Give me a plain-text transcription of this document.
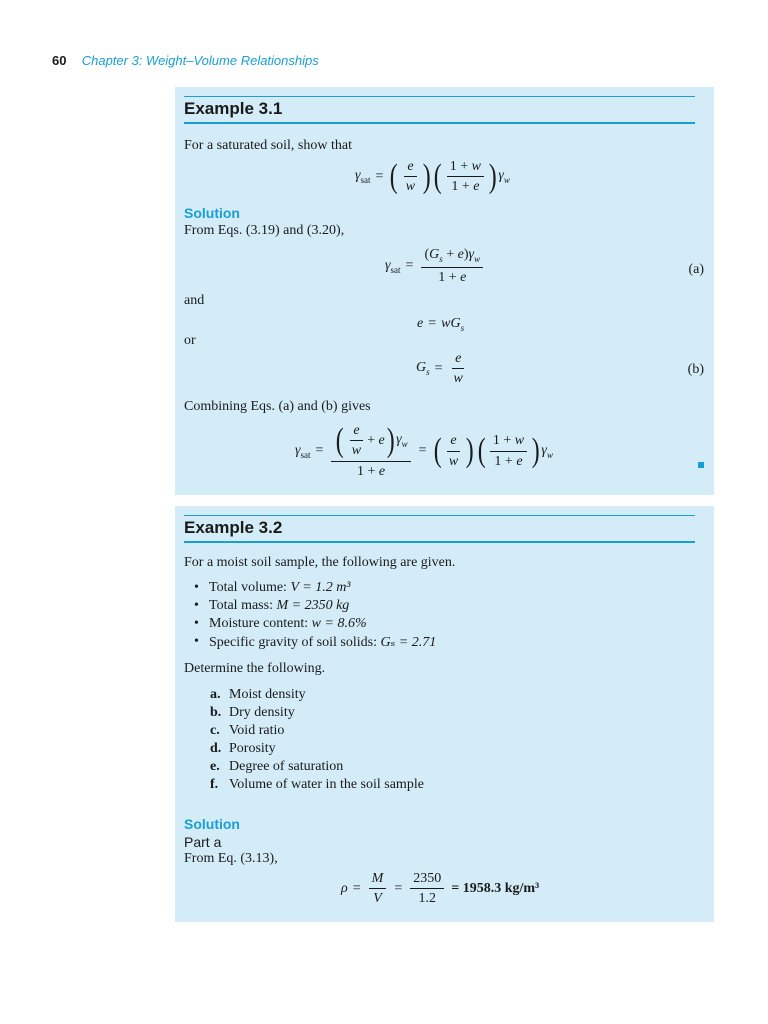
60 Chapter 3: Weight–Volume Relationships
Example 3.1
For a saturated soil, show that
$\gamma_{sat}$ = ( $\frac{e}{w}$ ) ( $\frac{1 + w}{1 + e}$ ) $\gamma_w$
Solution
From Eqs. (3.19) and (3.20),
$\gamma_{sat} = \frac{(G_s + e)\gamma_w}{1 + e}$	(a)
and
$e = wG_s$
or
$G_s = \frac{e}{w}$	(b)
Combining Eqs. (a) and (b) gives
$\gamma_{sat} = \frac{( \frac{e}{w} + e ) \gamma_w}{1 + e}$ = ( $\frac{e}{w}$ ) ( $\frac{1 + w}{1 + e}$ ) $\gamma_w$
Example 3.2
For a moist soil sample, the following are given.
• Total volume: V = 1.2 m³
• Total mass: M = 2350 kg
• Moisture content: w = 8.6%
• Specific gravity of soil solids: Gₛ = 2.71
Determine the following.
a. Moist density
b. Dry density
c. Void ratio
d. Porosity
e. Degree of saturation
f. Volume of water in the soil sample
Solution
Part a
From Eq. (3.13),
$\rho = \frac{M}{V} = \frac{2350}{1.2} = 1958.3$ kg/m³
